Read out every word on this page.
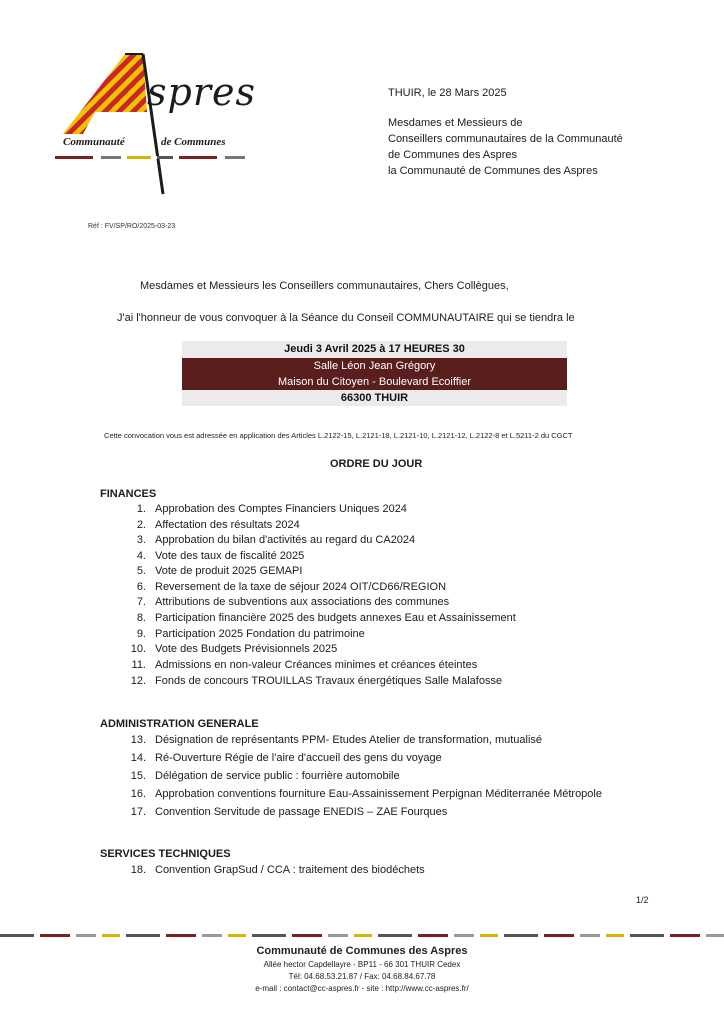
spres
Communauté	de Communes
THUIR, le 28 Mars 2025
Mesdames et Messieurs de
Conseillers communautaires de la Communauté
de Communes des Aspres
la Communauté de Communes des Aspres
Réf : FV/SP/RO/2025-03-23
Mesdames et Messieurs les Conseillers communautaires, Chers Collègues,
J'ai l'honneur de vous convoquer à la Séance du Conseil COMMUNAUTAIRE qui se tiendra le
Jeudi 3 Avril 2025 à 17 HEURES 30
Salle Léon Jean Grégory
Maison du Citoyen - Boulevard Ecoiffier
66300 THUIR
Cette convocation vous est adressée en application des Articles L.2122-15, L.2121-18, L.2121-10, L.2121-12, L.2122-8 et L.5211-2 du CGCT
ORDRE DU JOUR
FINANCES
1. Approbation des Comptes Financiers Uniques 2024
2. Affectation des résultats 2024
3. Approbation du bilan d'activités au regard du CA2024
4. Vote des taux de fiscalité 2025
5. Vote de produit 2025 GEMAPI
6. Reversement de la taxe de séjour 2024 OIT/CD66/REGION
7. Attributions de subventions aux associations des communes
8. Participation financière 2025 des budgets annexes Eau et Assainissement
9. Participation 2025 Fondation du patrimoine
10. Vote des Budgets Prévisionnels 2025
11. Admissions en non-valeur Créances minimes et créances éteintes
12. Fonds de concours TROUILLAS Travaux énergétiques Salle Malafosse
ADMINISTRATION GENERALE
13. Désignation de représentants PPM- Etudes Atelier de transformation, mutualisé
14. Ré-Ouverture Régie de l'aire d'accueil des gens du voyage
15. Délégation de service public : fourrière automobile
16. Approbation conventions fourniture Eau-Assainissement Perpignan Méditerranée Métropole
17. Convention Servitude de passage ENEDIS – ZAE Fourques
SERVICES TECHNIQUES
18. Convention GrapSud / CCA : traitement des biodéchets
1/2
Communauté de Communes des Aspres
Allée hector Capdellayre - BP11 - 66 301 THUIR Cedex
Tél: 04.68.53.21.87 / Fax: 04.68.84.67.78
e-mail : contact@cc-aspres.fr - site : http://www.cc-aspres.fr/
